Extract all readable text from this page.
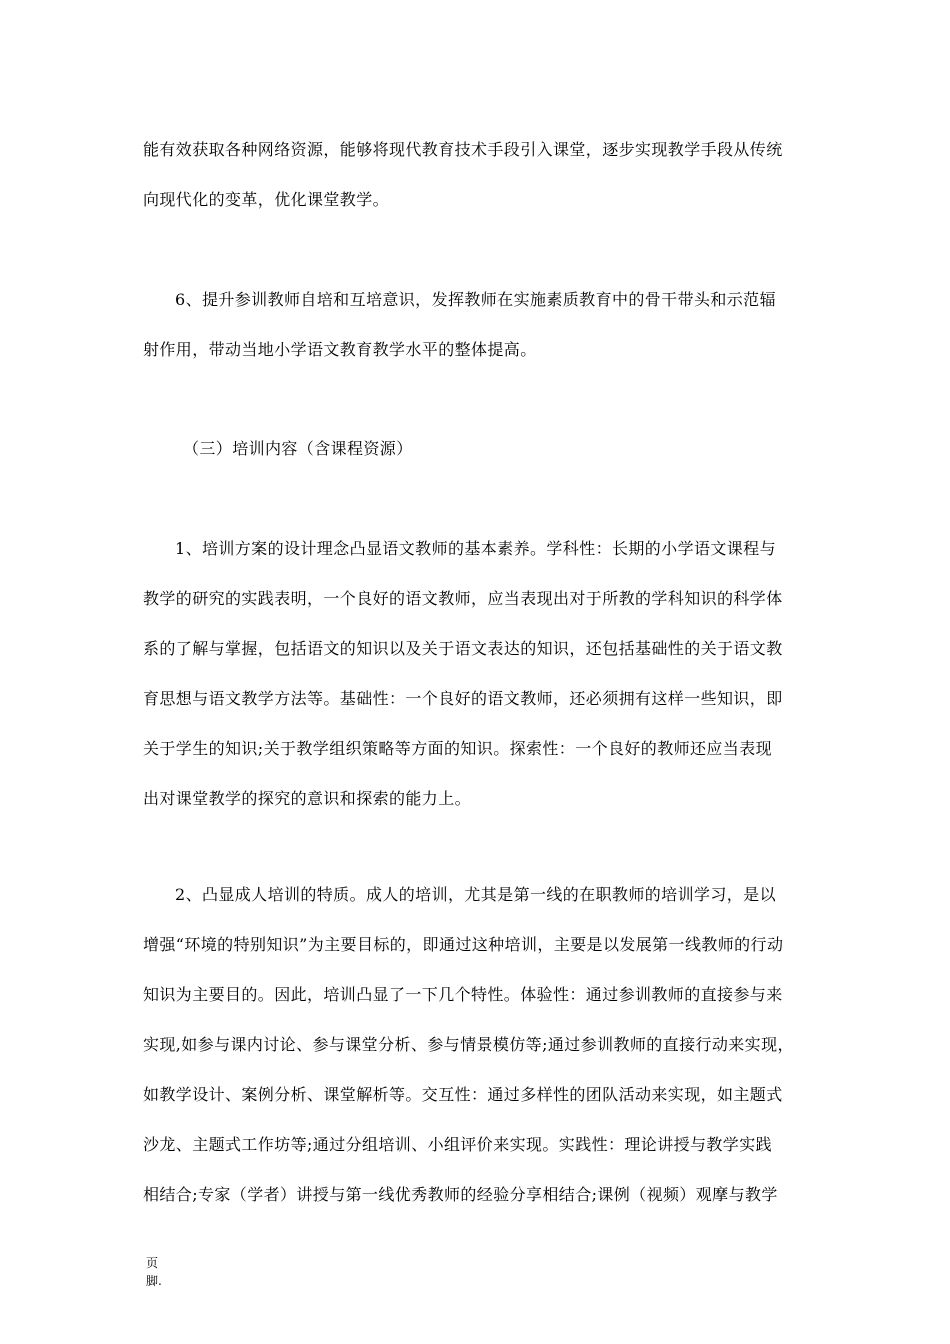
能有效获取各种网络资源，能够将现代教育技术手段引入课堂，逐步实现教学手段从传统
向现代化的变革，优化课堂教学。
6、提升参训教师自培和互培意识，发挥教师在实施素质教育中的骨干带头和示范辐
射作用，带动当地小学语文教育教学水平的整体提高。
（三）培训内容（含课程资源）
1、培训方案的设计理念凸显语文教师的基本素养。学科性：长期的小学语文课程与
教学的研究的实践表明，一个良好的语文教师，应当表现出对于所教的学科知识的科学体
系的了解与掌握，包括语文的知识以及关于语文表达的知识，还包括基础性的关于语文教
育思想与语文教学方法等。基础性：一个良好的语文教师，还必须拥有这样一些知识，即
关于学生的知识;关于教学组织策略等方面的知识。探索性：一个良好的教师还应当表现
出对课堂教学的探究的意识和探索的能力上。
2、凸显成人培训的特质。成人的培训，尤其是第一线的在职教师的培训学习，是以
增强“环境的特别知识”为主要目标的，即通过这种培训，主要是以发展第一线教师的行动
知识为主要目的。因此，培训凸显了一下几个特性。体验性：通过参训教师的直接参与来
实现,如参与课内讨论、参与课堂分析、参与情景模仿等;通过参训教师的直接行动来实现，
如教学设计、案例分析、课堂解析等。交互性：通过多样性的团队活动来实现，如主题式
沙龙、主题式工作坊等;通过分组培训、小组评价来实现。实践性：理论讲授与教学实践
相结合;专家（学者）讲授与第一线优秀教师的经验分享相结合;课例（视频）观摩与教学
页
脚.
